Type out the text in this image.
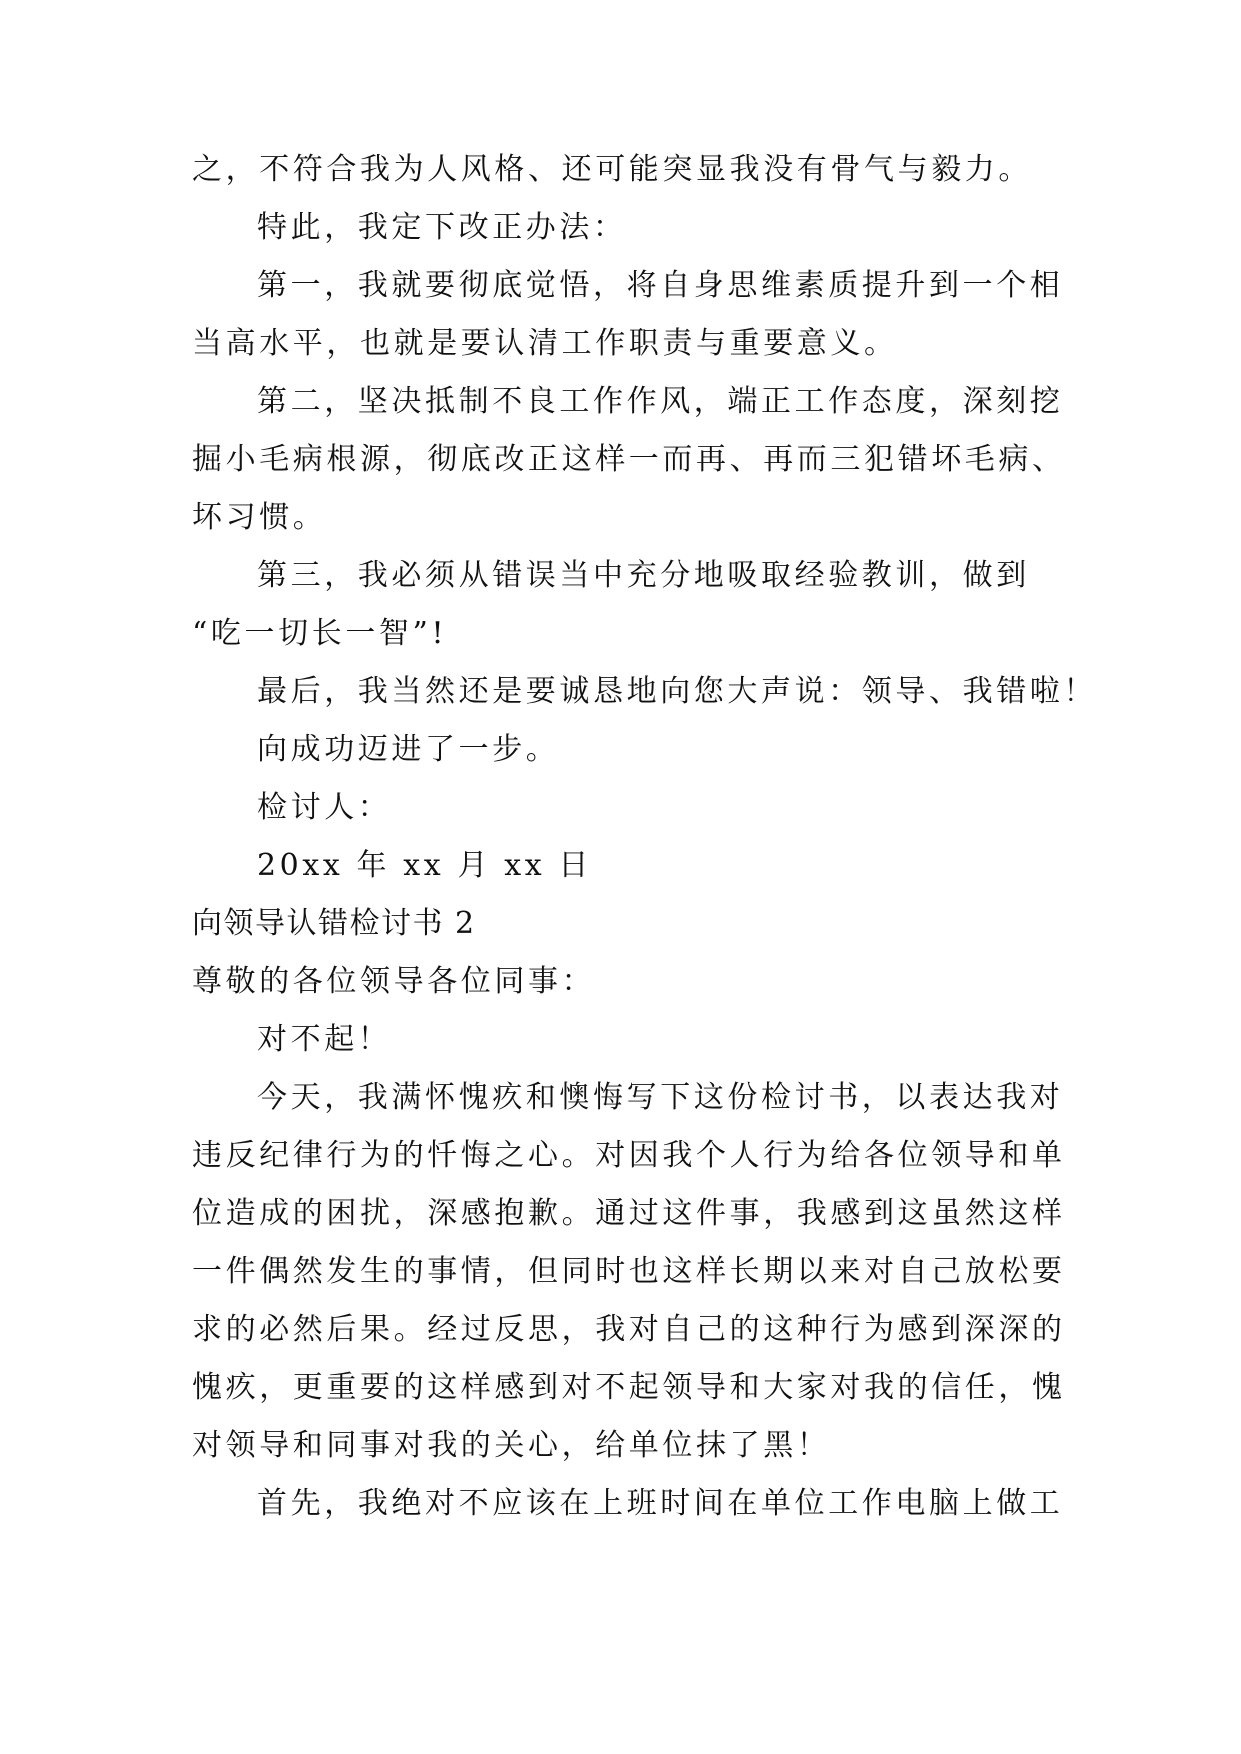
之，不符合我为人风格、还可能突显我没有骨气与毅力。
特此，我定下改正办法：
第一，我就要彻底觉悟，将自身思维素质提升到一个相
当高水平，也就是要认清工作职责与重要意义。
第二，坚决抵制不良工作作风，端正工作态度，深刻挖
掘小毛病根源，彻底改正这样一而再、再而三犯错坏毛病、
坏习惯。
第三，我必须从错误当中充分地吸取经验教训，做到
“吃一切长一智”!
最后，我当然还是要诚恳地向您大声说：领导、我错啦！
向成功迈进了一步。
检讨人：
20xx 年 xx 月 xx 日
向领导认错检讨书 2
尊敬的各位领导各位同事：
对不起！
今天，我满怀愧疚和懊悔写下这份检讨书，以表达我对
违反纪律行为的忏悔之心。对因我个人行为给各位领导和单
位造成的困扰，深感抱歉。通过这件事，我感到这虽然这样
一件偶然发生的事情，但同时也这样长期以来对自己放松要
求的必然后果。经过反思，我对自己的这种行为感到深深的
愧疚，更重要的这样感到对不起领导和大家对我的信任，愧
对领导和同事对我的关心，给单位抹了黑！
首先，我绝对不应该在上班时间在单位工作电脑上做工
